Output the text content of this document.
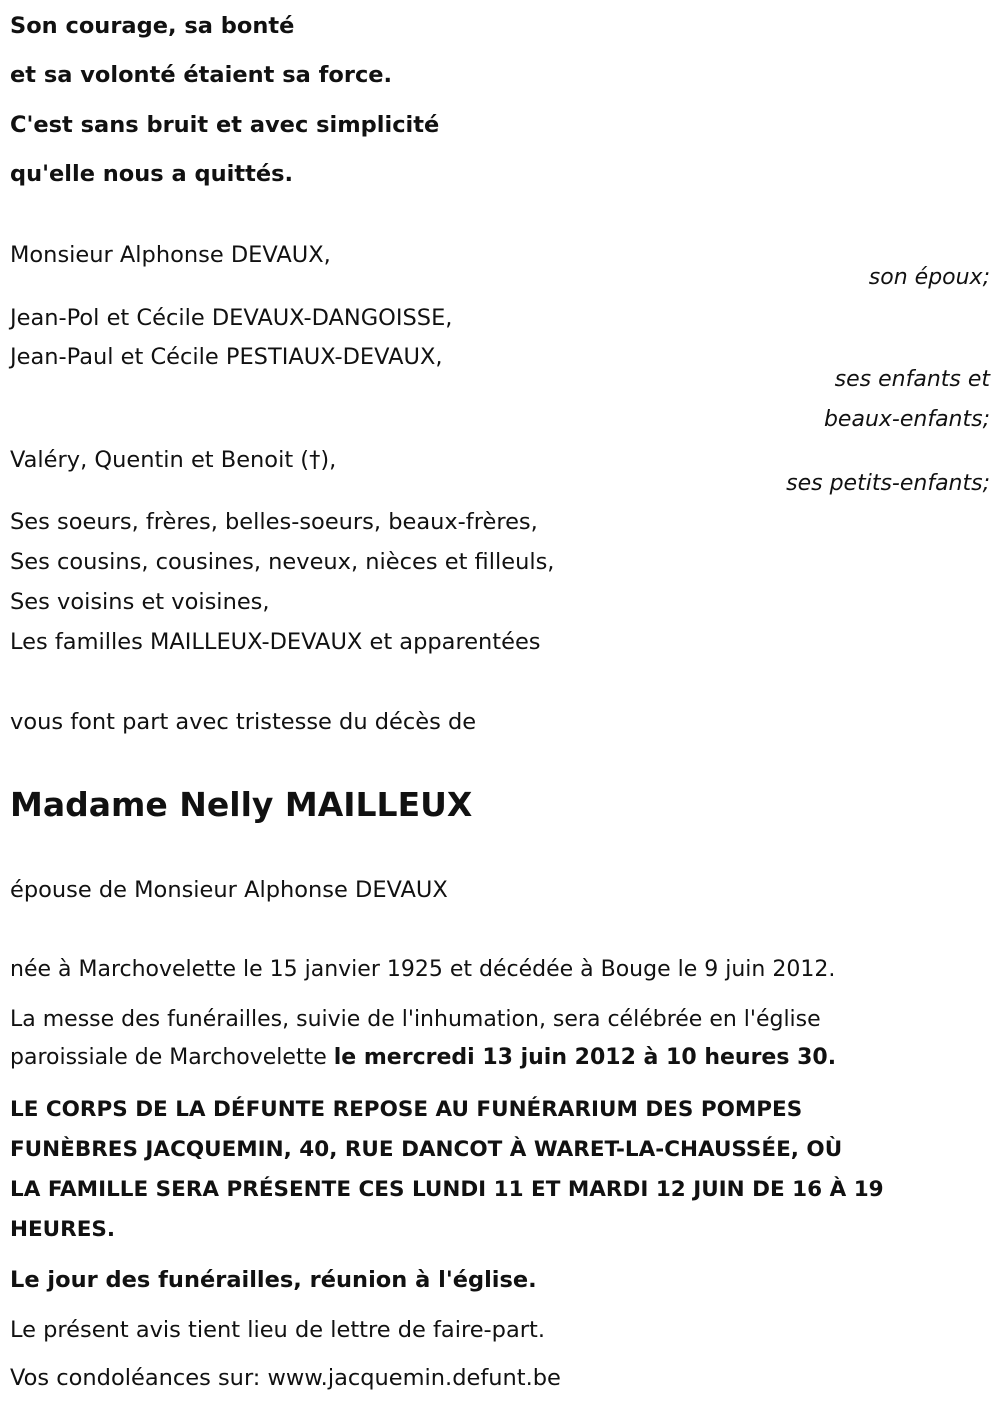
Son courage, sa bonté
et sa volonté étaient sa force.
C'est sans bruit et avec simplicité
qu'elle nous a quittés.
Monsieur Alphonse DEVAUX,
son époux;
Jean-Pol et Cécile DEVAUX-DANGOISSE,
Jean-Paul et Cécile PESTIAUX-DEVAUX,
ses enfants et
beaux-enfants;
Valéry, Quentin et Benoit (†),
ses petits-enfants;
Ses soeurs, frères, belles-soeurs, beaux-frères,
Ses cousins, cousines, neveux, nièces et filleuls,
Ses voisins et voisines,
Les familles MAILLEUX-DEVAUX et apparentées
vous font part avec tristesse du décès de
Madame Nelly MAILLEUX
épouse de Monsieur Alphonse DEVAUX
née à Marchovelette le 15 janvier 1925 et décédée à Bouge le 9 juin 2012.
La messe des funérailles, suivie de l'inhumation, sera célébrée en l'église
paroissiale de Marchovelette le mercredi 13 juin 2012 à 10 heures 30.
LE CORPS DE LA DÉFUNTE REPOSE AU FUNÉRARIUM DES POMPES
FUNÈBRES JACQUEMIN, 40, RUE DANCOT À WARET-LA-CHAUSSÉE, OÙ
LA FAMILLE SERA PRÉSENTE CES LUNDI 11 ET MARDI 12 JUIN DE 16 À 19
HEURES.
Le jour des funérailles, réunion à l'église.
Le présent avis tient lieu de lettre de faire-part.
Vos condoléances sur: www.jacquemin.defunt.be
